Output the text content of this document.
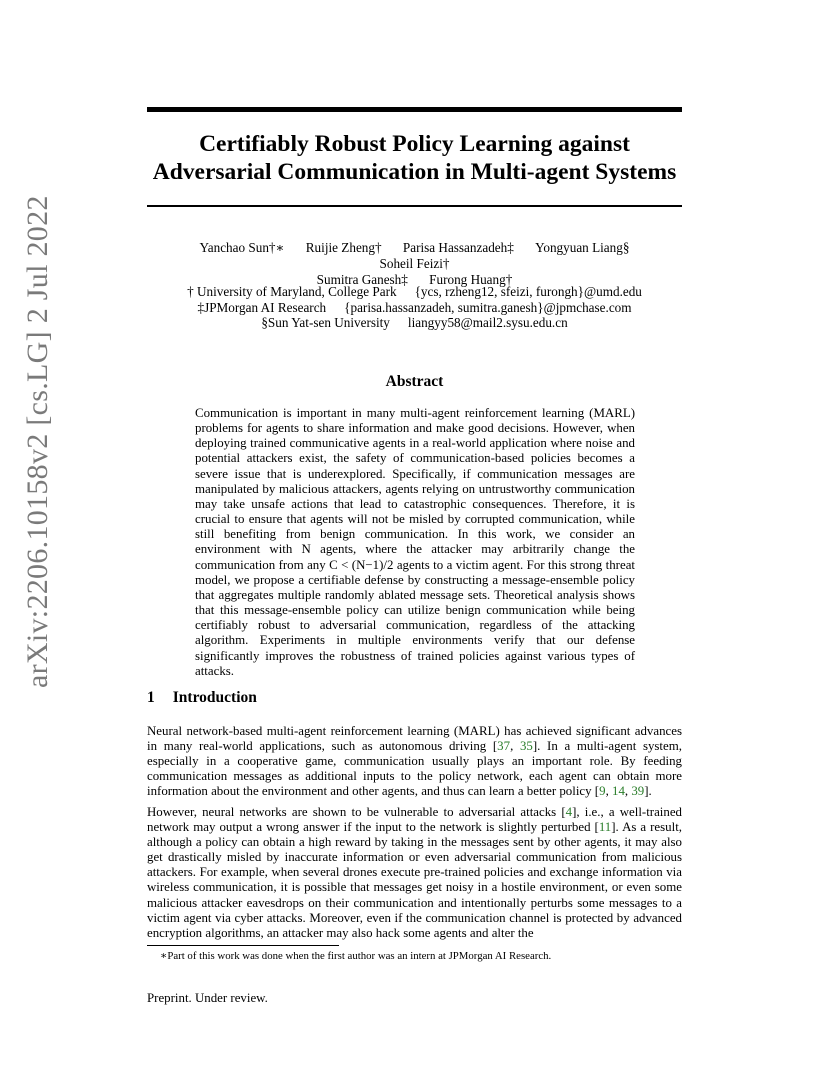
arXiv:2206.10158v2 [cs.LG] 2 Jul 2022
Certifiably Robust Policy Learning against
Adversarial Communication in Multi-agent Systems
Yanchao Sun†∗ Ruijie Zheng† Parisa Hassanzadeh‡ Yongyuan Liang§ Soheil Feizi†
Sumitra Ganesh‡ Furong Huang†
† University of Maryland, College Park {ycs, rzheng12, sfeizi, furongh}@umd.edu
‡JPMorgan AI Research {parisa.hassanzadeh, sumitra.ganesh}@jpmchase.com
§Sun Yat-sen University liangyy58@mail2.sysu.edu.cn
Abstract
Communication is important in many multi-agent reinforcement learning (MARL) problems for agents to share information and make good decisions. However, when deploying trained communicative agents in a real-world application where noise and potential attackers exist, the safety of communication-based policies becomes a severe issue that is underexplored. Specifically, if communication messages are manipulated by malicious attackers, agents relying on untrustworthy communication may take unsafe actions that lead to catastrophic consequences. Therefore, it is crucial to ensure that agents will not be misled by corrupted communication, while still benefiting from benign communication. In this work, we consider an environment with N agents, where the attacker may arbitrarily change the communication from any C < (N−1)/2 agents to a victim agent. For this strong threat model, we propose a certifiable defense by constructing a message-ensemble policy that aggregates multiple randomly ablated message sets. Theoretical analysis shows that this message-ensemble policy can utilize benign communication while being certifiably robust to adversarial communication, regardless of the attacking algorithm. Experiments in multiple environments verify that our defense significantly improves the robustness of trained policies against various types of attacks.
1 Introduction

Neural network-based multi-agent reinforcement learning (MARL) has achieved significant advances in many real-world applications, such as autonomous driving [37, 35]. In a multi-agent system, especially in a cooperative game, communication usually plays an important role. By feeding communication messages as additional inputs to the policy network, each agent can obtain more information about the environment and other agents, and thus can learn a better policy [9, 14, 39].

However, neural networks are shown to be vulnerable to adversarial attacks [4], i.e., a well-trained network may output a wrong answer if the input to the network is slightly perturbed [11]. As a result, although a policy can obtain a high reward by taking in the messages sent by other agents, it may also get drastically misled by inaccurate information or even adversarial communication from malicious attackers. For example, when several drones execute pre-trained policies and exchange information via wireless communication, it is possible that messages get noisy in a hostile environment, or even some malicious attacker eavesdrops on their communication and intentionally perturbs some messages to a victim agent via cyber attacks. Moreover, even if the communication channel is protected by advanced encryption algorithms, an attacker may also hack some agents and alter the

∗Part of this work was done when the first author was an intern at JPMorgan AI Research.
Preprint. Under review.
